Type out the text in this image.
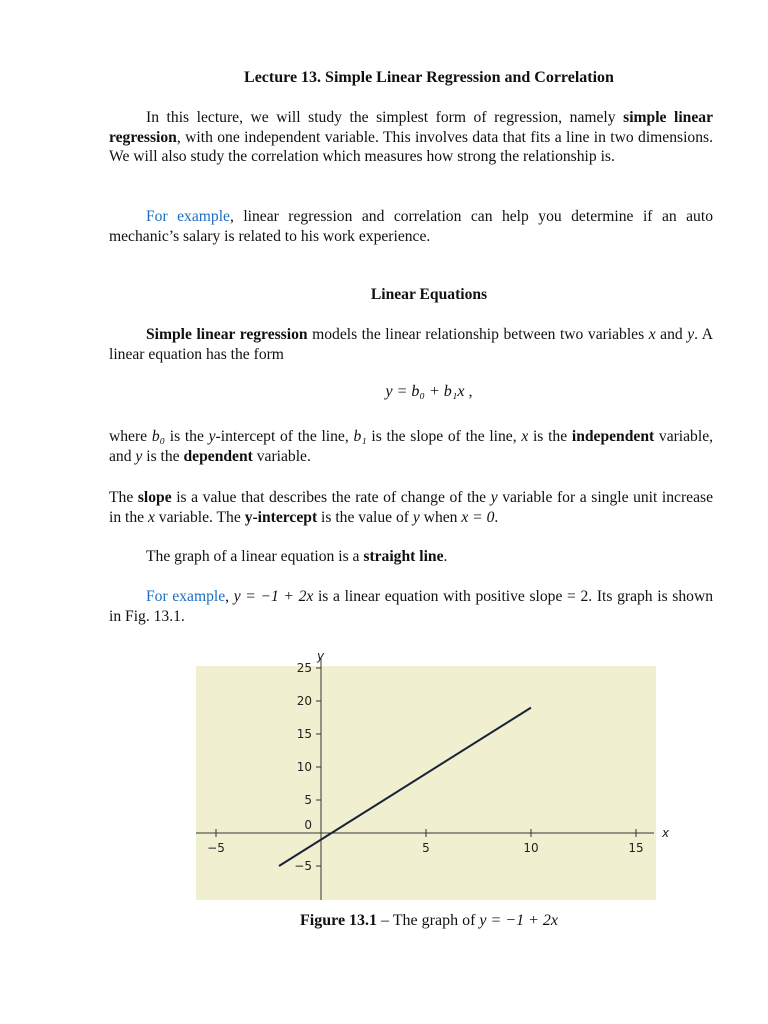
Lecture 13. Simple Linear Regression and Correlation
In this lecture, we will study the simplest form of regression, namely simple linear regression, with one independent variable. This involves data that fits a line in two dimensions. We will also study the correlation which measures how strong the relationship is.
For example, linear regression and correlation can help you determine if an auto mechanic’s salary is related to his work experience.
Linear Equations
Simple linear regression models the linear relationship between two variables x and y. A linear equation has the form
y = b₀ + b₁x ,
where b₀ is the y-intercept of the line, b₁ is the slope of the line, x is the independent variable, and y is the dependent variable.
The slope is a value that describes the rate of change of the y variable for a single unit increase in the x variable. The y-intercept is the value of y when x = 0.
The graph of a linear equation is a straight line.
For example, y = −1 + 2x is a linear equation with positive slope = 2. Its graph is shown in Fig. 13.1.
Figure 13.1 – The graph of y = −1 + 2x
−5	5	10	15
25
20
15
10
5
0
−5
x
y
